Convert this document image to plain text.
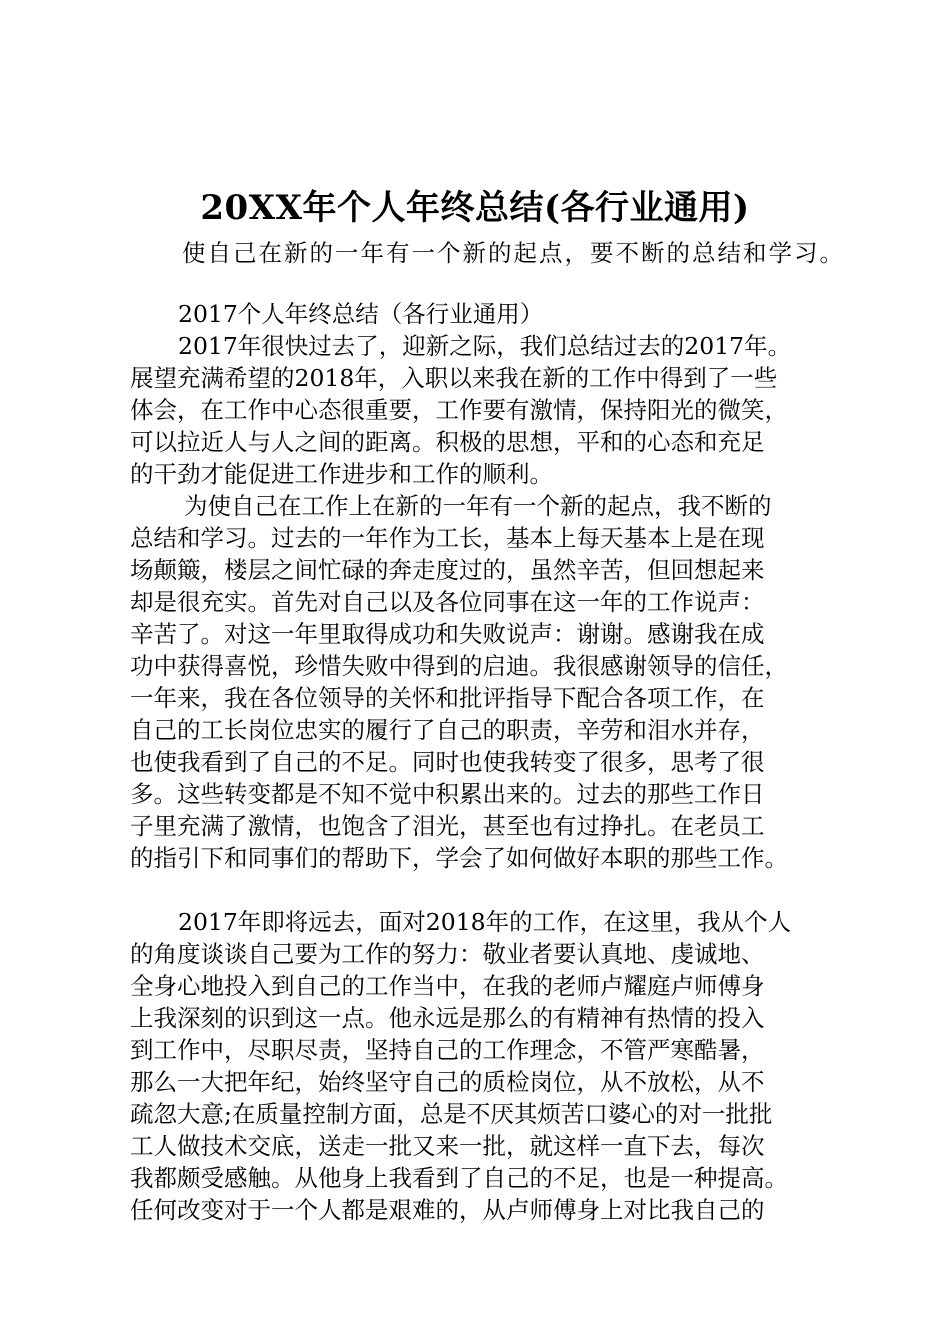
20XX年个人年终总结(各行业通用)
使自己在新的一年有一个新的起点，要不断的总结和学习。
2017个人年终总结（各行业通用）
2017年很快过去了，迎新之际，我们总结过去的2017年。
展望充满希望的2018年，入职以来我在新的工作中得到了一些
体会，在工作中心态很重要，工作要有激情，保持阳光的微笑，
可以拉近人与人之间的距离。积极的思想，平和的心态和充足
的干劲才能促进工作进步和工作的顺利。
为使自己在工作上在新的一年有一个新的起点，我不断的
总结和学习。过去的一年作为工长，基本上每天基本上是在现
场颠簸，楼层之间忙碌的奔走度过的，虽然辛苦，但回想起来
却是很充实。首先对自己以及各位同事在这一年的工作说声：
辛苦了。对这一年里取得成功和失败说声：谢谢。感谢我在成
功中获得喜悦，珍惜失败中得到的启迪。我很感谢领导的信任，
一年来，我在各位领导的关怀和批评指导下配合各项工作，在
自己的工长岗位忠实的履行了自己的职责，辛劳和泪水并存，
也使我看到了自己的不足。同时也使我转变了很多，思考了很
多。这些转变都是不知不觉中积累出来的。过去的那些工作日
子里充满了激情，也饱含了泪光，甚至也有过挣扎。在老员工
的指引下和同事们的帮助下，学会了如何做好本职的那些工作。
2017年即将远去，面对2018年的工作，在这里，我从个人
的角度谈谈自己要为工作的努力：敬业者要认真地、虔诚地、
全身心地投入到自己的工作当中，在我的老师卢耀庭卢师傅身
上我深刻的识到这一点。他永远是那么的有精神有热情的投入
到工作中，尽职尽责，坚持自己的工作理念，不管严寒酷暑，
那么一大把年纪，始终坚守自己的质检岗位，从不放松，从不
疏忽大意;在质量控制方面，总是不厌其烦苦口婆心的对一批批
工人做技术交底，送走一批又来一批，就这样一直下去，每次
我都颇受感触。从他身上我看到了自己的不足，也是一种提高。
任何改变对于一个人都是艰难的，从卢师傅身上对比我自己的
